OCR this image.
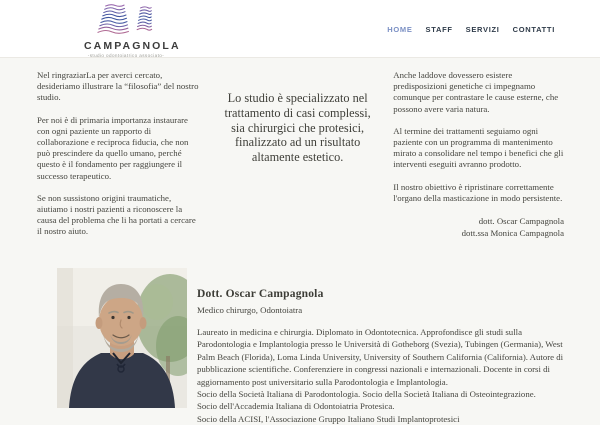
CAMPAGNOLA
-studio odontoiatrico associato-
HOME STAFF SERVIZI CONTATTI

Nel ringraziarLa per averci cercato, desideriamo illustrare la “filosofia” del nostro studio.

Per noi è di primaria importanza instaurare con ogni paziente un rapporto di collaborazione e reciproca fiducia, che non può prescindere da quello umano, perché questo è il fondamento per raggiungere il successo terapeutico.

Se non sussistono origini traumatiche, aiutiamo i nostri pazienti a riconoscere la causa del problema che li ha portati a cercare il nostro aiuto.

Lo studio è specializzato nel trattamento di casi complessi, sia chirurgici che protesici, finalizzato ad un risultato altamente estetico.

Anche laddove dovessero esistere predisposizioni genetiche ci impegnamo comunque per contrastare le cause esterne, che possono avere varia natura.

Al termine dei trattamenti seguiamo ogni paziente con un programma di mantenimento mirato a consolidare nel tempo i benefici che gli interventi eseguiti avranno prodotto.

Il nostro obiettivo è ripristinare correttamente l'organo della masticazione in modo persistente.

dott. Oscar Campagnola
dott.ssa Monica Campagnola
Dott. Oscar Campagnola
Medico chirurgo, Odontoiatra

Laureato in medicina e chirurgia. Diplomato in Odontotecnica. Approfondisce gli studi sulla Parodontologia e Implantologia presso le Università di Gotheborg (Svezia), Tubingen (Germania), West Palm Beach (Florida), Loma Linda University, University of Southern California (California). Autore di pubblicazione scientifiche. Conferenziere in congressi nazionali e internazionali. Docente in corsi di aggiornamento post universitario sulla Parodontologia e Implantologia.

Socio della Società Italiana di Parodontologia. Socio della Società Italiana di Osteointegrazione.

Socio dell'Accademia Italiana di Odontoiatria Protesica.

Socio della ACISI, l'Associazione Gruppo Italiano Studi Implantoprotesici
